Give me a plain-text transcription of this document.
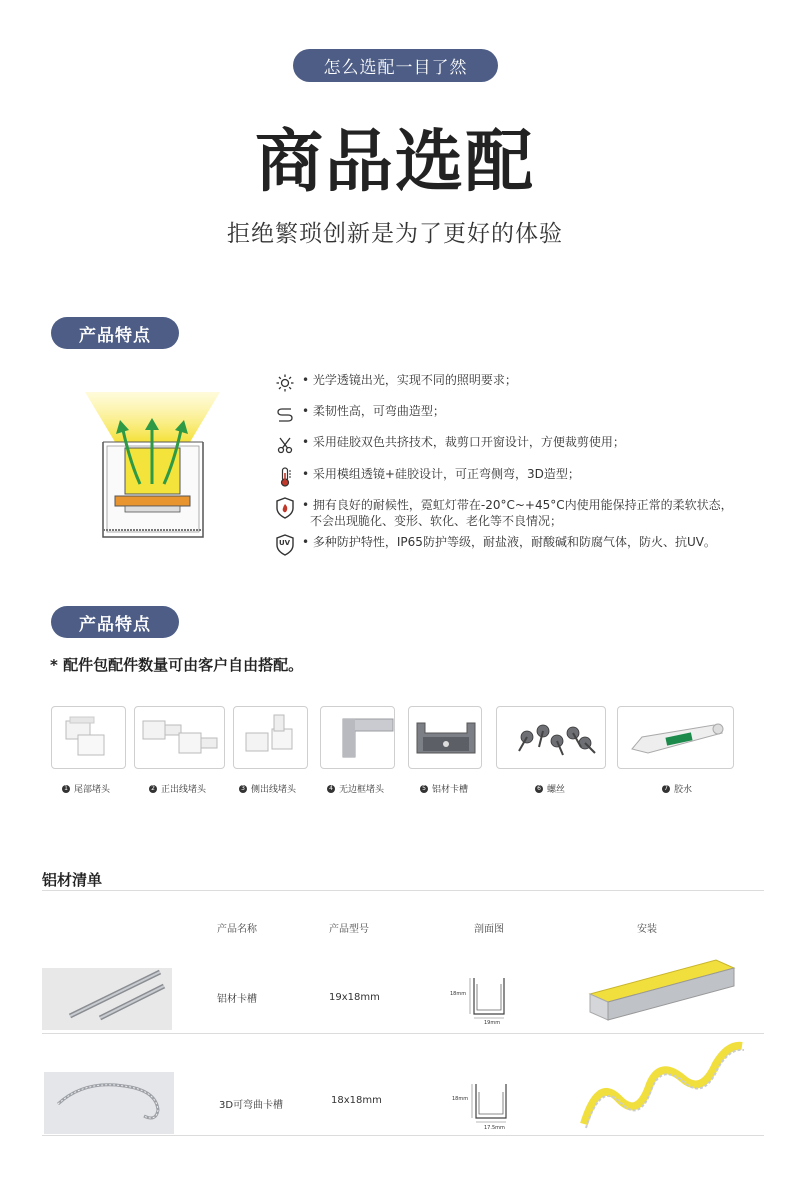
怎么选配一目了然
商品选配
拒绝繁琐创新是为了更好的体验
产品特点
• 光学透镜出光，实现不同的照明要求；
• 柔韧性高，可弯曲造型；
• 采用硅胶双色共挤技术，裁剪口开窗设计，方便裁剪使用；
• 采用模组透镜+硅胶设计，可正弯侧弯，3D造型；
• 拥有良好的耐候性，霓虹灯带在-20°C~+45°C内使用能保持正常的柔软状态，
不会出现脆化、变形、软化、老化等不良情况；
UV • 多种防护特性，IP65防护等级，耐盐液，耐酸碱和防腐气体，防火、抗UV。
产品特点
* 配件包配件数量可由客户自由搭配。
1 尾部堵头	2 正出线堵头	3 侧出线堵头	4 无边框堵头	5 铝材卡槽	6 螺丝	7 胶水
铝材清单
产品名称	产品型号	剖面图	安装
铝材卡槽	19x18mm	18mm
19mm
3D可弯曲卡槽	18x18mm	18mm
17.5mm
